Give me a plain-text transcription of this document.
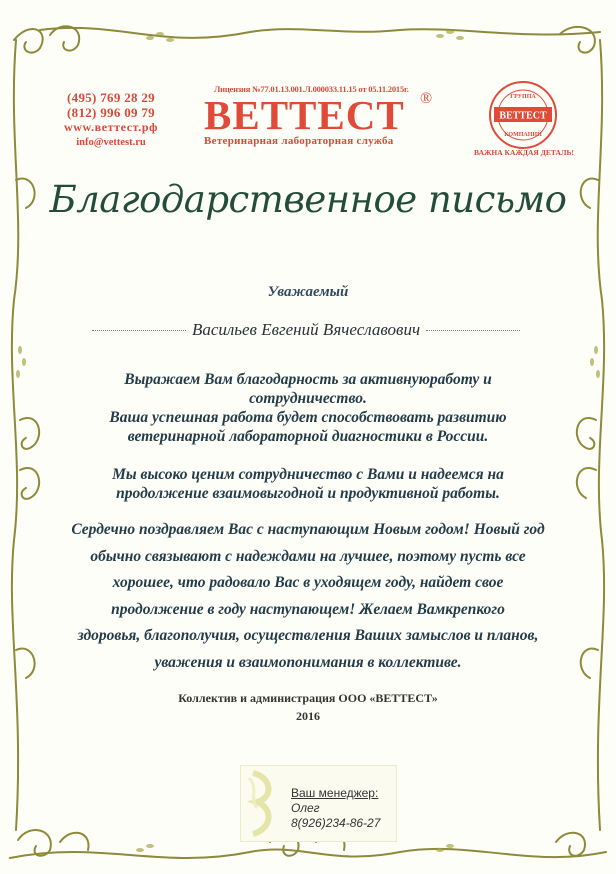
(495) 769 28 29
(812) 996 09 79
www.веттест.рф
info@vettest.ru
Лицензия №77.01.13.001.Л.000033.11.15 от 05.11.2015г.
ВЕТТЕСТ ®
Ветеринарная лабораторная служба
ВЕТТЕСТ
ГРУППА
КОМПАНИЙ
ВАЖНА КАЖДАЯ ДЕТАЛЬ!
Благодарственное письмо
Уважаемый
Васильев Евгений Вячеславович
Выражаем Вам благодарность за активнуюработу и
сотрудничество.
Ваша успешная работа будет способствовать развитию
ветеринарной лабораторной диагностики в России.
Мы высоко ценим сотрудничество с Вами и надеемся на
продолжение взаимовыгодной и продуктивной работы.
Сердечно поздравляем Вас с наступающим Новым годом! Новый год
обычно связывают с надеждами на лучшее, поэтому пусть все
хорошее, что радовало Вас в уходящем году, найдет свое
продолжение в году наступающем! Желаем Вамкрепкого
здоровья, благополучия, осуществления Ваших замыслов и планов,
уважения и взаимопонимания в коллективе.
Коллектив и администрация ООО «ВЕТТЕСТ»
2016
Ваш менеджер:
Олег
8(926)234-86-27
